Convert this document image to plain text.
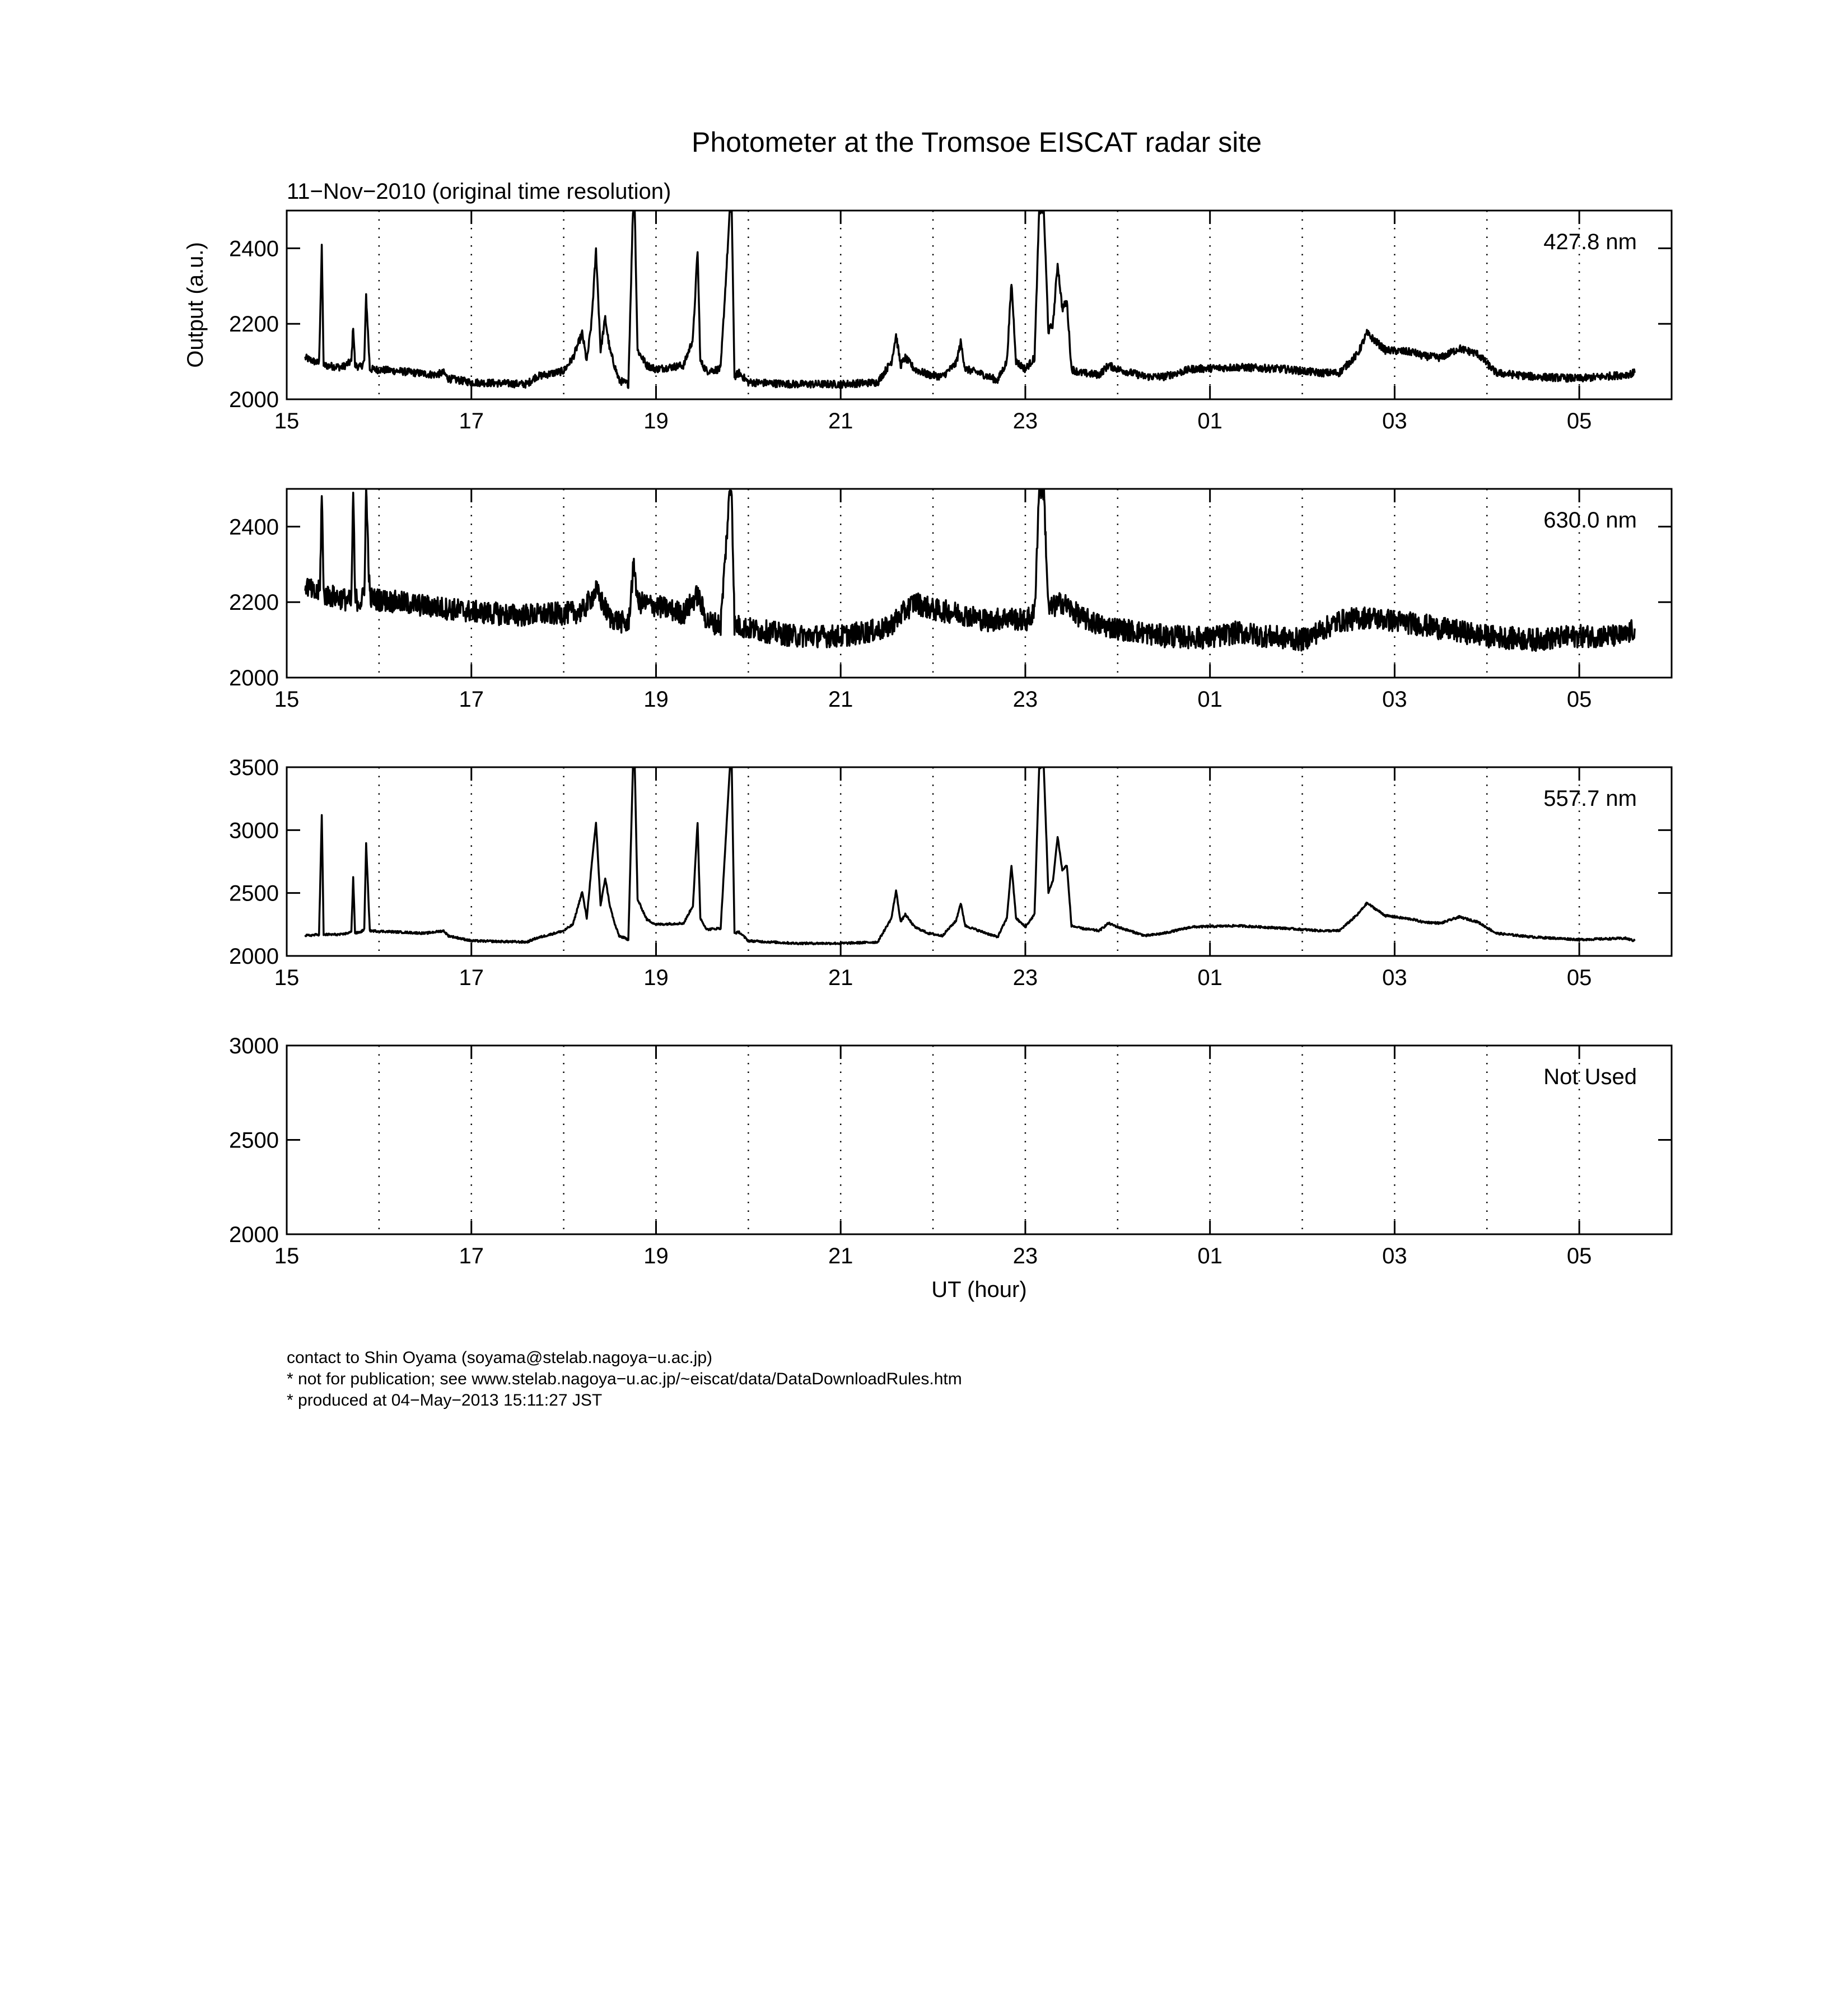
Photometer at the Tromsoe EISCAT radar site
11−Nov−2010 (original time resolution)
2000
2200
2400
15	17	19	21	23	01	03	05
427.8 nm
Output (a.u.)
2000
2200
2400
15	17	19	21	23	01	03	05
630.0 nm
2000
2500
3000
3500
15	17	19	21	23	01	03	05
557.7 nm
2000
2500
3000
15	17	19	21	23	01	03	05
Not Used
UT (hour)
contact to Shin Oyama (soyama@stelab.nagoya−u.ac.jp)
* not for publication; see www.stelab.nagoya−u.ac.jp/~eiscat/data/DataDownloadRules.htm
* produced at 04−May−2013 15:11:27 JST
